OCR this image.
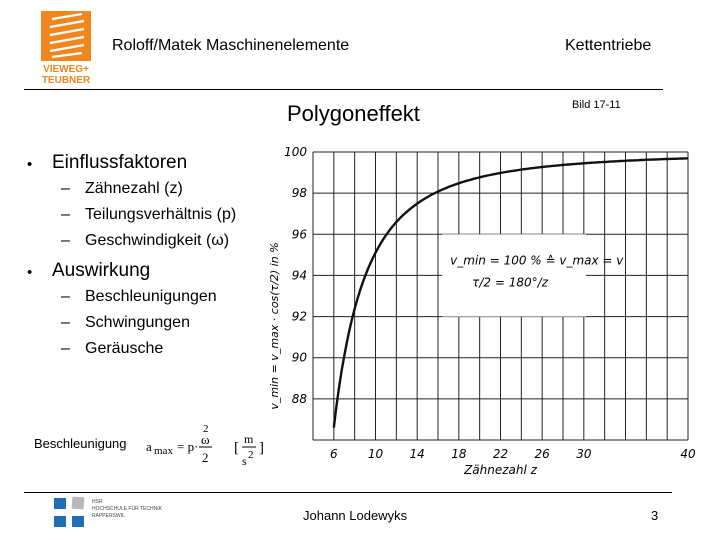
VIEWEG+
TEUBNER
Roloff/Matek Maschinenelemente	Kettentriebe
Polygoneffekt	Bild 17-11
•	Einflussfaktoren
– Zähnezahl (z)
– Teilungsverhältnis (p)
– Geschwindigkeit (ω)
•	Auswirkung
– Beschleunigungen
– Schwingungen
– Geräusche
Beschleunigung a max = p· ω
2
2
[
m
s 2 ]
v_min = 100 % ≙ v_max = v
τ/2 = 180°/z
88
90
92
94
96
98
100
6	10 14 18 22 26 30	40
Zähnezahl z
v_min = v_max · cos(τ/2) in %
HSR
HOCHSCHULE FÜR TECHNIK
RAPPERSWIL	Johann Lodewyks	3
